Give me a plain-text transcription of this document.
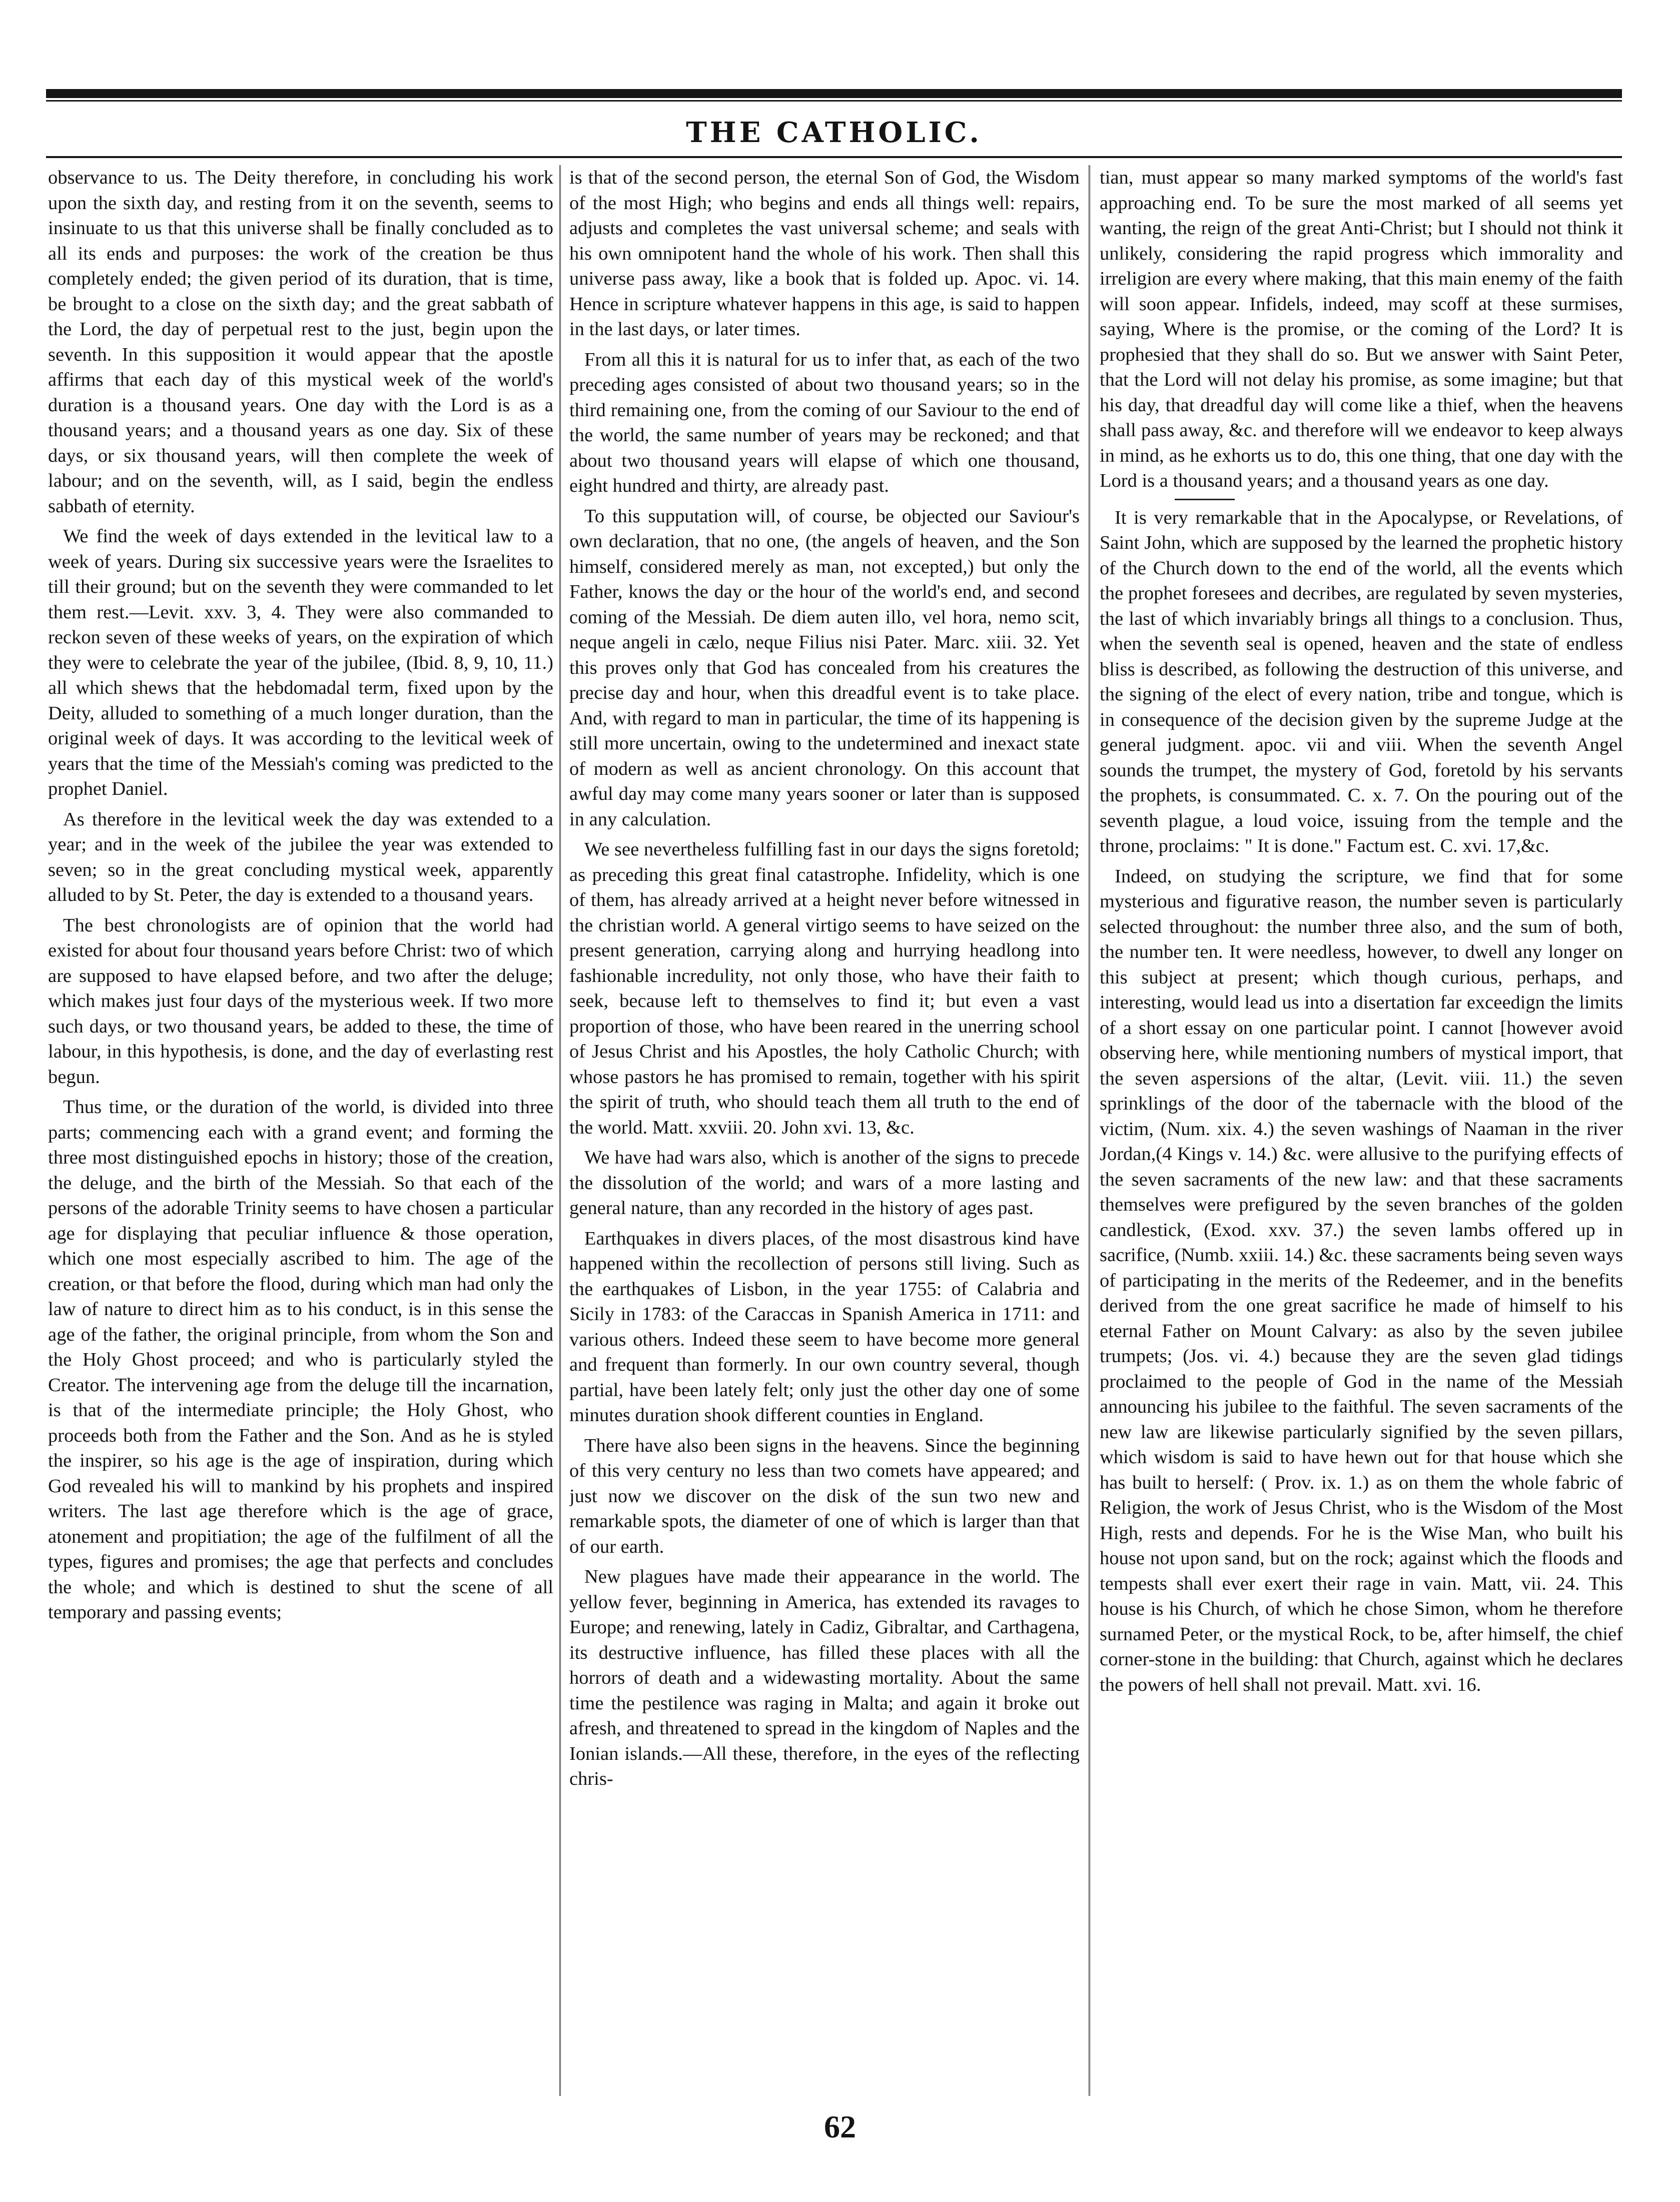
THE CATHOLIC.

observance to us. The Deity therefore, in concluding his work upon the sixth day, and resting from it on the seventh, seems to insinuate to us that this universe shall be finally concluded as to all its ends and purposes: the work of the creation be thus completely ended; the given period of its duration, that is time, be brought to a close on the sixth day; and the great sabbath of the Lord, the day of perpetual rest to the just, begin upon the seventh. In this supposition it would appear that the apostle affirms that each day of this mystical week of the world's duration is a thousand years. One day with the Lord is as a thousand years; and a thousand years as one day. Six of these days, or six thousand years, will then complete the week of labour; and on the seventh, will, as I said, begin the endless sabbath of eternity.

We find the week of days extended in the levitical law to a week of years. During six successive years were the Israelites to till their ground; but on the seventh they were commanded to let them rest.—Levit. xxv. 3, 4. They were also commanded to reckon seven of these weeks of years, on the expiration of which they were to celebrate the year of the jubilee, (Ibid. 8, 9, 10, 11.) all which shews that the hebdomadal term, fixed upon by the Deity, alluded to something of a much longer duration, than the original week of days. It was according to the levitical week of years that the time of the Messiah's coming was predicted to the prophet Daniel.

As therefore in the levitical week the day was extended to a year; and in the week of the jubilee the year was extended to seven; so in the great concluding mystical week, apparently alluded to by St. Peter, the day is extended to a thousand years.

The best chronologists are of opinion that the world had existed for about four thousand years before Christ: two of which are supposed to have elapsed before, and two after the deluge; which makes just four days of the mysterious week. If two more such days, or two thousand years, be added to these, the time of labour, in this hypothesis, is done, and the day of everlasting rest begun.

Thus time, or the duration of the world, is divided into three parts; commencing each with a grand event; and forming the three most distinguished epochs in history; those of the creation, the deluge, and the birth of the Messiah. So that each of the persons of the adorable Trinity seems to have chosen a particular age for displaying that peculiar influence & those operation, which one most especially ascribed to him. The age of the creation, or that before the flood, during which man had only the law of nature to direct him as to his conduct, is in this sense the age of the father, the original principle, from whom the Son and the Holy Ghost proceed; and who is particularly styled the Creator. The intervening age from the deluge till the incarnation, is that of the intermediate principle; the Holy Ghost, who proceeds both from the Father and the Son. And as he is styled the inspirer, so his age is the age of inspiration, during which God revealed his will to mankind by his prophets and inspired writers. The last age therefore which is the age of grace, atonement and propitiation; the age of the fulfilment of all the types, figures and promises; the age that perfects and concludes the whole; and which is destined to shut the scene of all temporary and passing events;

is that of the second person, the eternal Son of God, the Wisdom of the most High; who begins and ends all things well: repairs, adjusts and completes the vast universal scheme; and seals with his own omnipotent hand the whole of his work. Then shall this universe pass away, like a book that is folded up. Apoc. vi. 14. Hence in scripture whatever happens in this age, is said to happen in the last days, or later times.

From all this it is natural for us to infer that, as each of the two preceding ages consisted of about two thousand years; so in the third remaining one, from the coming of our Saviour to the end of the world, the same number of years may be reckoned; and that about two thousand years will elapse of which one thousand, eight hundred and thirty, are already past.

To this supputation will, of course, be objected our Saviour's own declaration, that no one, (the angels of heaven, and the Son himself, considered merely as man, not excepted,) but only the Father, knows the day or the hour of the world's end, and second coming of the Messiah. De diem auten illo, vel hora, nemo scit, neque angeli in cælo, neque Filius nisi Pater. Marc. xiii. 32. Yet this proves only that God has concealed from his creatures the precise day and hour, when this dreadful event is to take place. And, with regard to man in particular, the time of its happening is still more uncertain, owing to the undetermined and inexact state of modern as well as ancient chronology. On this account that awful day may come many years sooner or later than is supposed in any calculation.

We see nevertheless fulfilling fast in our days the signs foretold; as preceding this great final catastrophe. Infidelity, which is one of them, has already arrived at a height never before witnessed in the christian world. A general virtigo seems to have seized on the present generation, carrying along and hurrying headlong into fashionable incredulity, not only those, who have their faith to seek, because left to themselves to find it; but even a vast proportion of those, who have been reared in the unerring school of Jesus Christ and his Apostles, the holy Catholic Church; with whose pastors he has promised to remain, together with his spirit the spirit of truth, who should teach them all truth to the end of the world. Matt. xxviii. 20. John xvi. 13, &c.

We have had wars also, which is another of the signs to precede the dissolution of the world; and wars of a more lasting and general nature, than any recorded in the history of ages past.

Earthquakes in divers places, of the most disastrous kind have happened within the recollection of persons still living. Such as the earthquakes of Lisbon, in the year 1755: of Calabria and Sicily in 1783: of the Caraccas in Spanish America in 1711: and various others. Indeed these seem to have become more general and frequent than formerly. In our own country several, though partial, have been lately felt; only just the other day one of some minutes duration shook different counties in England.

There have also been signs in the heavens. Since the beginning of this very century no less than two comets have appeared; and just now we discover on the disk of the sun two new and remarkable spots, the diameter of one of which is larger than that of our earth.

New plagues have made their appearance in the world. The yellow fever, beginning in America, has extended its ravages to Europe; and renewing, lately in Cadiz, Gibraltar, and Carthagena, its destructive influence, has filled these places with all the horrors of death and a widewasting mortality. About the same time the pestilence was raging in Malta; and again it broke out afresh, and threatened to spread in the kingdom of Naples and the Ionian islands.—All these, therefore, in the eyes of the reflecting chris-

tian, must appear so many marked symptoms of the world's fast approaching end. To be sure the most marked of all seems yet wanting, the reign of the great Anti-Christ; but I should not think it unlikely, considering the rapid progress which immorality and irreligion are every where making, that this main enemy of the faith will soon appear. Infidels, indeed, may scoff at these surmises, saying, Where is the promise, or the coming of the Lord? It is prophesied that they shall do so. But we answer with Saint Peter, that the Lord will not delay his promise, as some imagine; but that his day, that dreadful day will come like a thief, when the heavens shall pass away, &c. and therefore will we endeavor to keep always in mind, as he exhorts us to do, this one thing, that one day with the Lord is a thousand years; and a thousand years as one day.

It is very remarkable that in the Apocalypse, or Revelations, of Saint John, which are supposed by the learned the prophetic history of the Church down to the end of the world, all the events which the prophet foresees and decribes, are regulated by seven mysteries, the last of which invariably brings all things to a conclusion. Thus, when the seventh seal is opened, heaven and the state of endless bliss is described, as following the destruction of this universe, and the signing of the elect of every nation, tribe and tongue, which is in consequence of the decision given by the supreme Judge at the general judgment. apoc. vii and viii. When the seventh Angel sounds the trumpet, the mystery of God, foretold by his servants the prophets, is consummated. C. x. 7. On the pouring out of the seventh plague, a loud voice, issuing from the temple and the throne, proclaims: " It is done." Factum est. C. xvi. 17,&c.

Indeed, on studying the scripture, we find that for some mysterious and figurative reason, the number seven is particularly selected throughout: the number three also, and the sum of both, the number ten. It were needless, however, to dwell any longer on this subject at present; which though curious, perhaps, and interesting, would lead us into a disertation far exceedign the limits of a short essay on one particular point. I cannot [however avoid observing here, while mentioning numbers of mystical import, that the seven aspersions of the altar, (Levit. viii. 11.) the seven sprinklings of the door of the tabernacle with the blood of the victim, (Num. xix. 4.) the seven washings of Naaman in the river Jordan,(4 Kings v. 14.) &c. were allusive to the purifying effects of the seven sacraments of the new law: and that these sacraments themselves were prefigured by the seven branches of the golden candlestick, (Exod. xxv. 37.) the seven lambs offered up in sacrifice, (Numb. xxiii. 14.) &c. these sacraments being seven ways of participating in the merits of the Redeemer, and in the benefits derived from the one great sacrifice he made of himself to his eternal Father on Mount Calvary: as also by the seven jubilee trumpets; (Jos. vi. 4.) because they are the seven glad tidings proclaimed to the people of God in the name of the Messiah announcing his jubilee to the faithful. The seven sacraments of the new law are likewise particularly signified by the seven pillars, which wisdom is said to have hewn out for that house which she has built to herself: ( Prov. ix. 1.) as on them the whole fabric of Religion, the work of Jesus Christ, who is the Wisdom of the Most High, rests and depends. For he is the Wise Man, who built his house not upon sand, but on the rock; against which the floods and tempests shall ever exert their rage in vain. Matt, vii. 24. This house is his Church, of which he chose Simon, whom he therefore surnamed Peter, or the mystical Rock, to be, after himself, the chief corner-stone in the building: that Church, against which he declares the powers of hell shall not prevail. Matt. xvi. 16.

62
